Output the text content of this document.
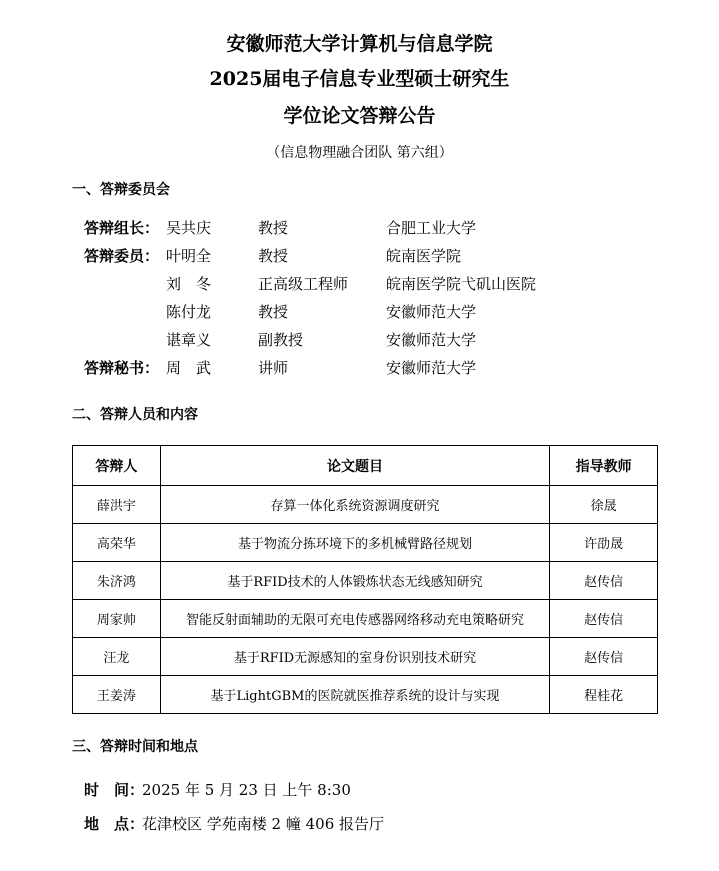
安徽师范大学计算机与信息学院
2025届电子信息专业型硕士研究生
学位论文答辩公告
（信息物理融合团队 第六组）
一、答辩委员会
答辩组长： 吴共庆	教授	合肥工业大学
答辩委员： 叶明全	教授	皖南医学院
刘　冬	正高级工程师	皖南医学院弋矶山医院
陈付龙	教授	安徽师范大学
谌章义	副教授	安徽师范大学
答辩秘书： 周　武	讲师	安徽师范大学
二、答辩人员和内容
答辩人	论文题目	指导教师
薛洪宇	存算一体化系统资源调度研究	徐晟
高荣华	基于物流分拣环境下的多机械臂路径规划	许劭晟
朱济鸿	基于RFID技术的人体锻炼状态无线感知研究	赵传信
周家帅	智能反射面辅助的无限可充电传感器网络移动充电策略研究	赵传信
汪龙	基于RFID无源感知的室身份识别技术研究	赵传信
王姜涛	基于LightGBM的医院就医推荐系统的设计与实现	程桂花
三、答辩时间和地点
时　间：2025 年 5 月 23 日 上午 8:30
地　点：花津校区 学苑南楼 2 幢 406 报告厅
